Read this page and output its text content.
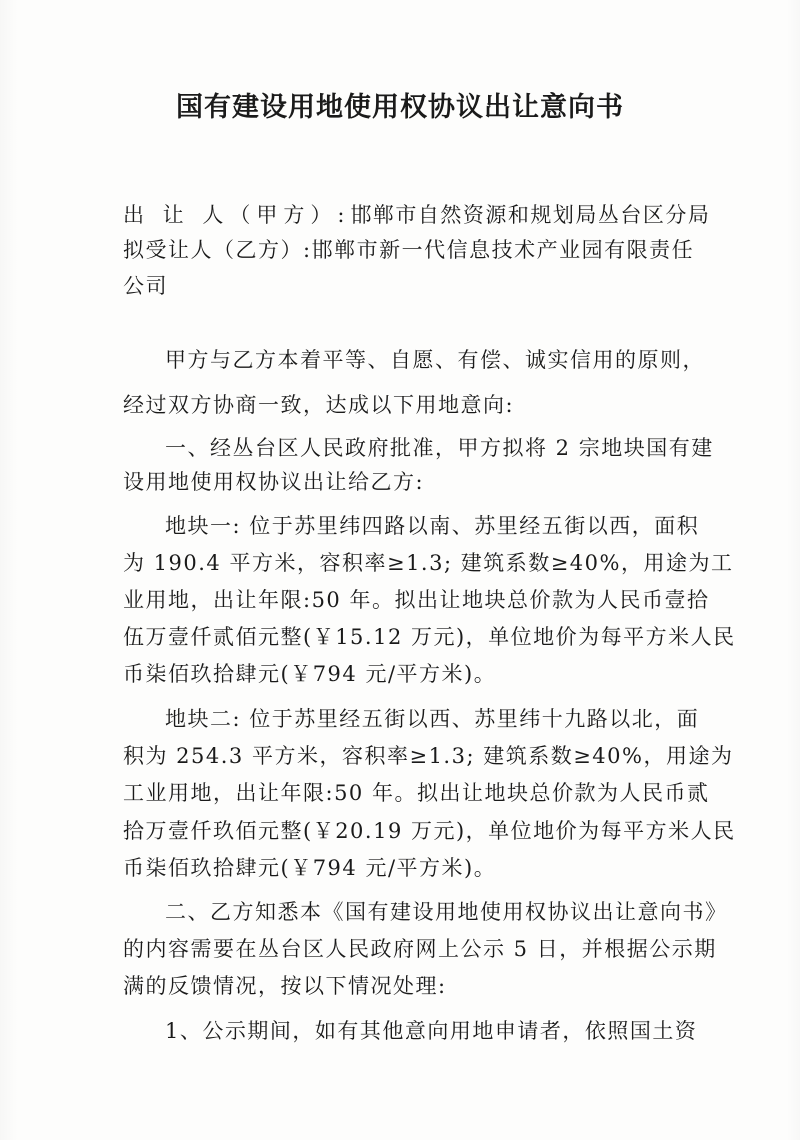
国有建设用地使用权协议出让意向书
出 让 人（甲方）:邯郸市自然资源和规划局丛台区分局
拟受让人（乙方）:邯郸市新一代信息技术产业园有限责任
公司
甲方与乙方本着平等、自愿、有偿、诚实信用的原则，
经过双方协商一致，达成以下用地意向:
一、经丛台区人民政府批准，甲方拟将 2 宗地块国有建
设用地使用权协议出让给乙方:
地块一: 位于苏里纬四路以南、苏里经五街以西，面积
为 190.4 平方米，容积率≥1.3; 建筑系数≥40%，用途为工
业用地，出让年限:50 年。拟出让地块总价款为人民币壹拾
伍万壹仟贰佰元整(￥15.12 万元)，单位地价为每平方米人民
币柒佰玖拾肆元(￥794 元/平方米)。
地块二: 位于苏里经五街以西、苏里纬十九路以北，面
积为 254.3 平方米，容积率≥1.3; 建筑系数≥40%，用途为
工业用地，出让年限:50 年。拟出让地块总价款为人民币贰
拾万壹仟玖佰元整(￥20.19 万元)，单位地价为每平方米人民
币柒佰玖拾肆元(￥794 元/平方米)。
二、乙方知悉本《国有建设用地使用权协议出让意向书》
的内容需要在丛台区人民政府网上公示 5 日，并根据公示期
满的反馈情况，按以下情况处理:
1、公示期间，如有其他意向用地申请者，依照国土资
